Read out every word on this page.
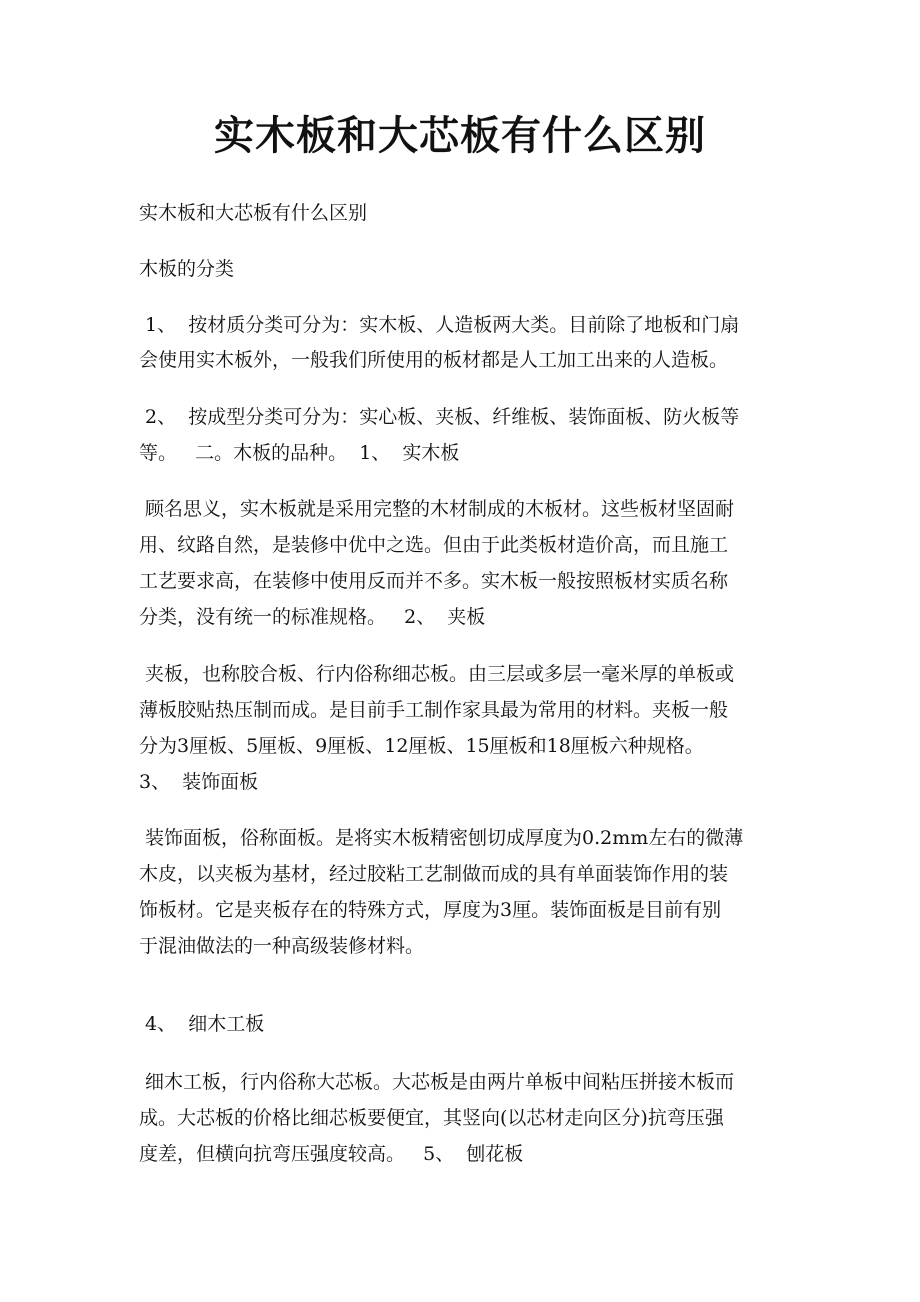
实木板和大芯板有什么区别
实木板和大芯板有什么区别
木板的分类
1、  按材质分类可分为：实木板、人造板两大类。目前除了地板和门扇
会使用实木板外，一般我们所使用的板材都是人工加工出来的人造板。
2、  按成型分类可分为：实心板、夹板、纤维板、装饰面板、防火板等
等。   二。木板的品种。  1、  实木板
顾名思义，实木板就是采用完整的木材制成的木板材。这些板材坚固耐
用、纹路自然，是装修中优中之选。但由于此类板材造价高，而且施工
工艺要求高，在装修中使用反而并不多。实木板一般按照板材实质名称
分类，没有统一的标准规格。   2、  夹板
夹板，也称胶合板、行内俗称细芯板。由三层或多层一毫米厚的单板或
薄板胶贴热压制而成。是目前手工制作家具最为常用的材料。夹板一般
分为3厘板、5厘板、9厘板、12厘板、15厘板和18厘板六种规格。
3、  装饰面板
装饰面板，俗称面板。是将实木板精密刨切成厚度为0.2mm左右的微薄
木皮，以夹板为基材，经过胶粘工艺制做而成的具有单面装饰作用的装
饰板材。它是夹板存在的特殊方式，厚度为3厘。装饰面板是目前有别
于混油做法的一种高级装修材料。
4、  细木工板
细木工板，行内俗称大芯板。大芯板是由两片单板中间粘压拼接木板而
成。大芯板的价格比细芯板要便宜，其竖向(以芯材走向区分)抗弯压强
度差，但横向抗弯压强度较高。   5、  刨花板
